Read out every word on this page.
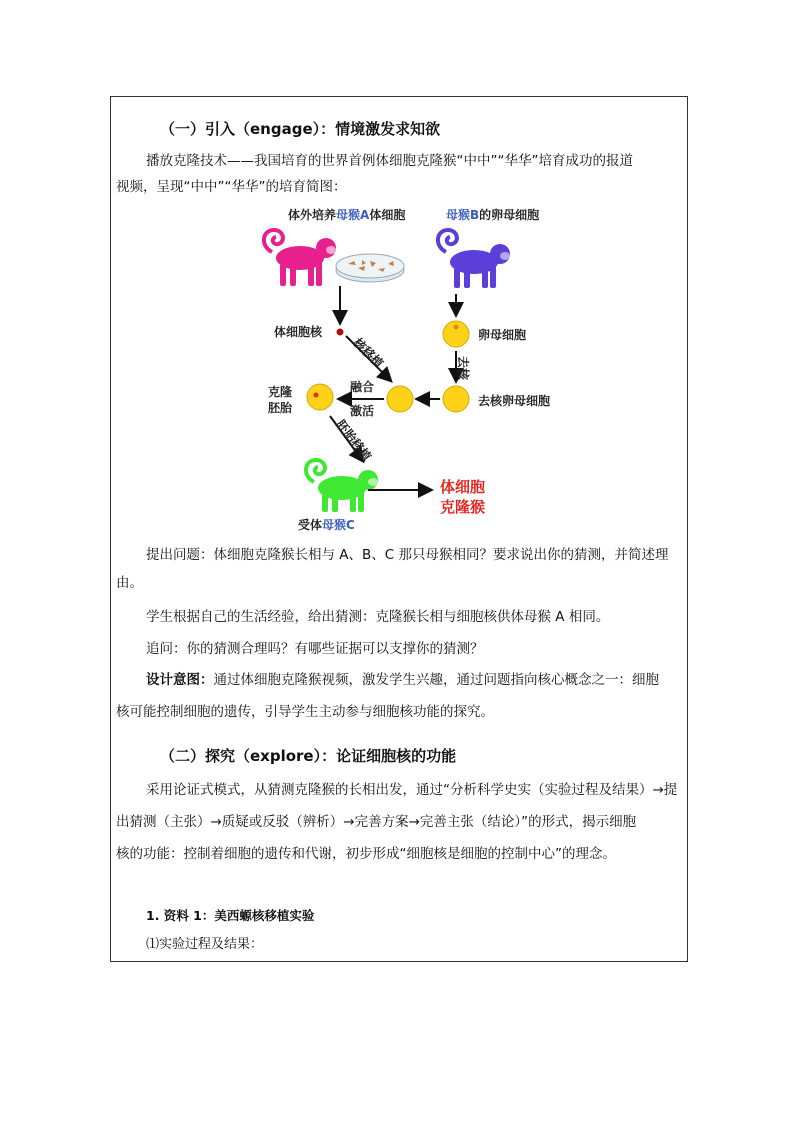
（一）引入（engage）：情境激发求知欲
播放克隆技术——我国培育的世界首例体细胞克隆猴“中中”“华华”培育成功的报道
视频，呈现“中中”“华华”的培育简图：
体外培养母猴A体细胞	母猴B的卵母细胞
体细胞核	卵母细胞
核移植	去核
克隆
胚胎
融合
激活
去核卵母细胞
胚胎移植
受体母猴C
体细胞
克隆猴
提出问题：体细胞克隆猴长相与 A、B、C 那只母猴相同？要求说出你的猜测，并简述理
由。
学生根据自己的生活经验，给出猜测：克隆猴长相与细胞核供体母猴 A 相同。
追问：你的猜测合理吗？有哪些证据可以支撑你的猜测？
设计意图：通过体细胞克隆猴视频，激发学生兴趣，通过问题指向核心概念之一：细胞
核可能控制细胞的遗传，引导学生主动参与细胞核功能的探究。
（二）探究（explore）：论证细胞核的功能
采用论证式模式，从猜测克隆猴的长相出发，通过“分析科学史实（实验过程及结果）→提
出猜测（主张）→质疑或反驳（辨析）→完善方案→完善主张（结论）”的形式，揭示细胞
核的功能：控制着细胞的遗传和代谢，初步形成“细胞核是细胞的控制中心”的理念。
1. 资料 1：美西螈核移植实验
⑴实验过程及结果：
